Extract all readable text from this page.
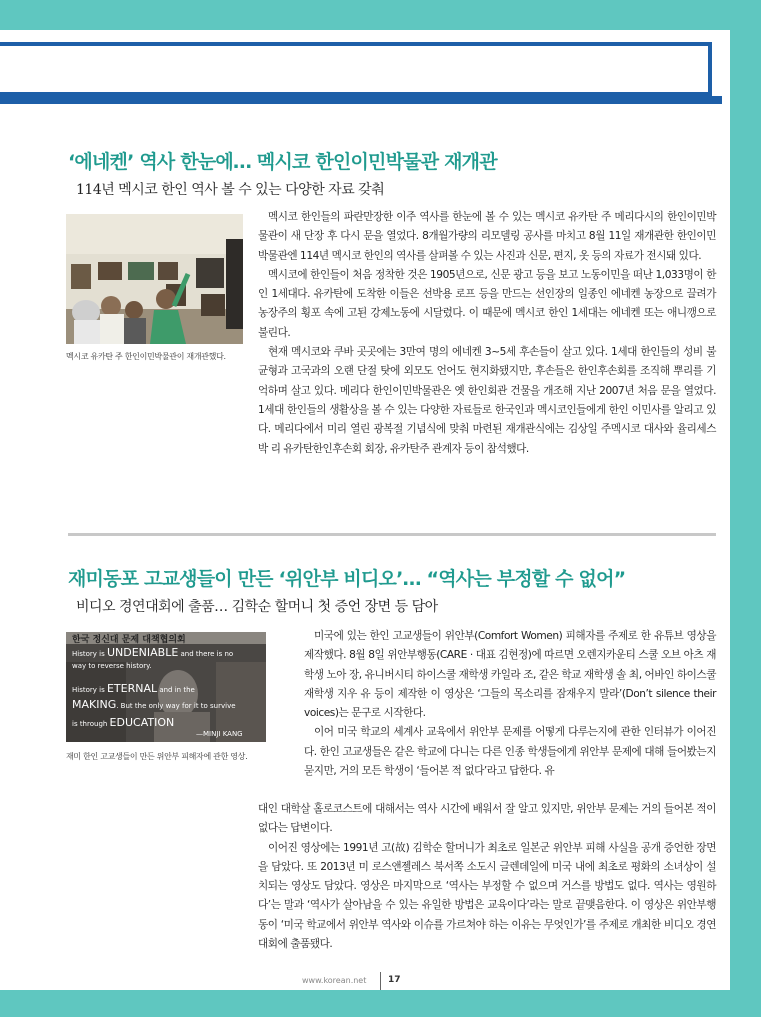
‘에네켄’ 역사 한눈에… 멕시코 한인이민박물관 재개관
114년 멕시코 한인 역사 볼 수 있는 다양한 자료 갖춰
멕시코 유카탄 주 한인이민박물관이 재개관했다.

멕시코 한인들의 파란만장한 이주 역사를 한눈에 볼 수 있는 멕시코 유카탄 주 메리다시의 한인이민박물관이 새 단장 후 다시 문을 열었다. 8개월가량의 리모델링 공사를 마치고 8월 11일 재개관한 한인이민박물관엔 114년 멕시코 한인의 역사를 살펴볼 수 있는 사진과 신문, 편지, 옷 등의 자료가 전시돼 있다.

멕시코에 한인들이 처음 정착한 것은 1905년으로, 신문 광고 등을 보고 노동이민을 떠난 1,033명이 한인 1세대다. 유카탄에 도착한 이들은 선박용 로프 등을 만드는 선인장의 일종인 에네켄 농장으로 끌려가 농장주의 횡포 속에 고된 강제노동에 시달렸다. 이 때문에 멕시코 한인 1세대는 에네켄 또는 애니깽으로 불린다.

현재 멕시코와 쿠바 곳곳에는 3만여 명의 에네켄 3~5세 후손들이 살고 있다. 1세대 한인들의 성비 불균형과 고국과의 오랜 단절 탓에 외모도 언어도 현지화됐지만, 후손들은 한인후손회를 조직해 뿌리를 기억하며 살고 있다. 메리다 한인이민박물관은 옛 한인회관 건물을 개조해 지난 2007년 처음 문을 열었다. 1세대 한인들의 생활상을 볼 수 있는 다양한 자료들로 한국인과 멕시코인들에게 한인 이민사를 알리고 있다. 메리다에서 미리 열린 광복절 기념식에 맞춰 마련된 재개관식에는 김상일 주멕시코 대사와 율리세스 박 리 유카탄한인후손회 회장, 유카탄주 관계자 등이 참석했다.

재미동포 고교생들이 만든 ‘위안부 비디오’… “역사는 부정할 수 없어”
비디오 경연대회에 출품… 김학순 할머니 첫 증언 장면 등 담아
한국 정신대 문제 대책협의회
History is UNDENIABLE and there is no
way to reverse history.
History is ETERNAL and in the
MAKING. But the only way for it to survive
is through EDUCATION
—MINJI KANG
재미 한인 고교생들이 만든 위안부 피해자에 관한 영상.

미국에 있는 한인 고교생들이 위안부(Comfort Women) 피해자를 주제로 한 유튜브 영상을 제작했다. 8월 8일 위안부행동(CARE · 대표 김현정)에 따르면 오렌지카운티 스쿨 오브 아츠 재학생 노아 장, 유니버시티 하이스쿨 재학생 카일라 조, 같은 학교 재학생 솔 최, 어바인 하이스쿨 재학생 지우 유 등이 제작한 이 영상은 ‘그들의 목소리를 잠재우지 말라’(Don’t silence their voices)는 문구로 시작한다.

이어 미국 학교의 세계사 교육에서 위안부 문제를 어떻게 다루는지에 관한 인터뷰가 이어진다. 한인 고교생들은 같은 학교에 다니는 다른 인종 학생들에게 위안부 문제에 대해 들어봤는지 묻지만, 거의 모든 학생이 ‘들어본 적 없다’라고 답한다. 유

대인 대학살 홀로코스트에 대해서는 역사 시간에 배워서 잘 알고 있지만, 위안부 문제는 거의 들어본 적이 없다는 답변이다.

이어진 영상에는 1991년 고(故) 김학순 할머니가 최초로 일본군 위안부 피해 사실을 공개 증언한 장면을 담았다. 또 2013년 미 로스앤젤레스 북서쪽 소도시 글렌데일에 미국 내에 최초로 평화의 소녀상이 설치되는 영상도 담았다. 영상은 마지막으로 ‘역사는 부정할 수 없으며 거스를 방법도 없다. 역사는 영원하다’는 말과 ‘역사가 살아남을 수 있는 유일한 방법은 교육이다’라는 말로 끝맺음한다. 이 영상은 위안부행동이 ‘미국 학교에서 위안부 역사와 이슈를 가르쳐야 하는 이유는 무엇인가’를 주제로 개최한 비디오 경연대회에 출품됐다.

www.korean.net 17
